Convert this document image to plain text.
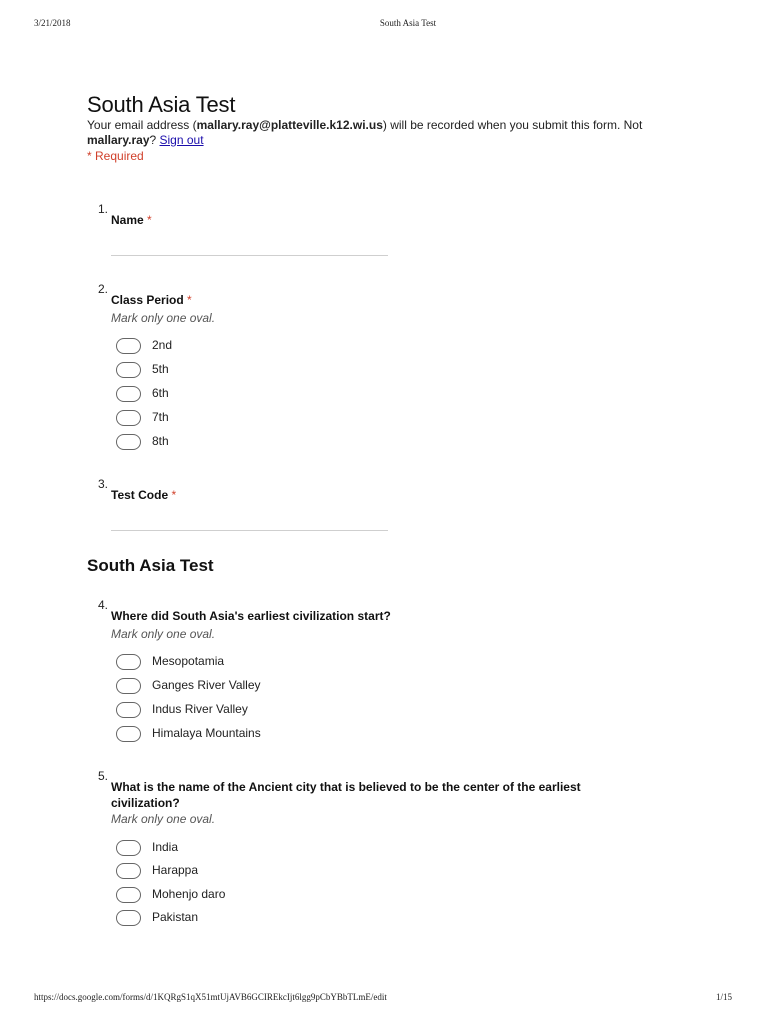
3/21/2018	South Asia Test
South Asia Test
Your email address (mallary.ray@platteville.k12.wi.us) will be recorded when you submit this form. Not
mallary.ray? Sign out
* Required
1.
Name *
2.
Class Period *
Mark only one oval.
2nd
5th
6th
7th
8th
3.
Test Code *
South Asia Test
4.
Where did South Asia's earliest civilization start?
Mark only one oval.
Mesopotamia
Ganges River Valley
Indus River Valley
Himalaya Mountains
5.
What is the name of the Ancient city that is believed to be the center of the earliest civilization?
Mark only one oval.
India
Harappa
Mohenjo daro
Pakistan
https://docs.google.com/forms/d/1KQRgS1qX51mtUjAVB6GCIREkcIjt6lgg9pCbYBbTLmE/edit	1/15
